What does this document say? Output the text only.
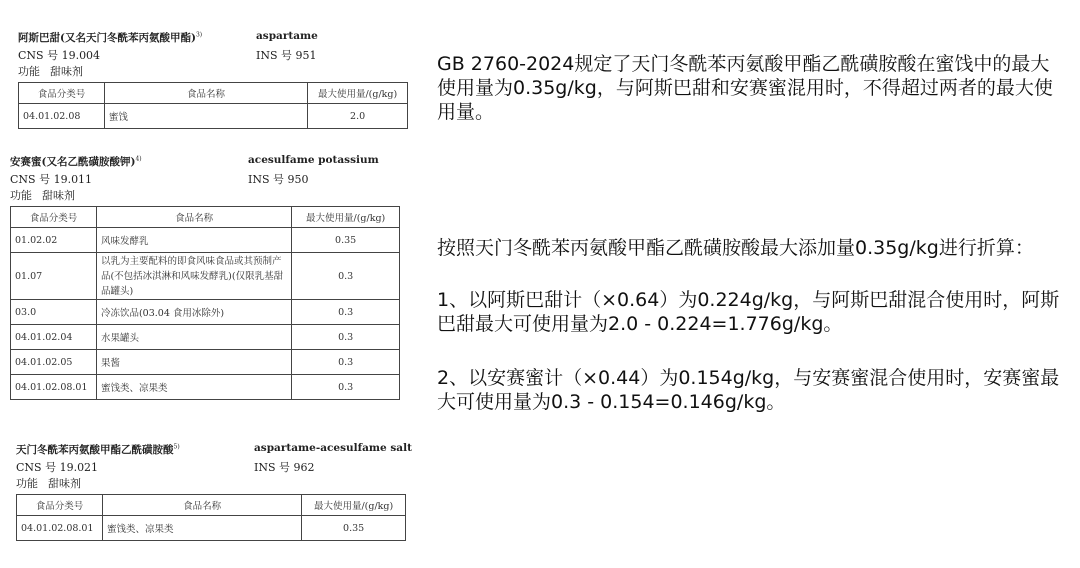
阿斯巴甜(又名天门冬酰苯丙氨酸甲酯)$^{3)}$	aspartame
CNS 号 19.004	INS 号 951
功能 甜味剂
食品分类号	食品名称	最大使用量/(g/kg)
04.01.02.08	蜜饯	2.0
安赛蜜(又名乙酰磺胺酸钾)$^{4)}$	acesulfame potassium
CNS 号 19.011	INS 号 950
功能 甜味剂
食品分类号	食品名称	最大使用量/(g/kg)
01.02.02	风味发酵乳	0.35
01.07	以乳为主要配料的即食风味食品或其预制产品(不包括冰淇淋和风味发酵乳)(仅限乳基甜品罐头)	0.3
03.0	冷冻饮品(03.04 食用冰除外)	0.3
04.01.02.04	水果罐头	0.3
04.01.02.05	果酱	0.3
04.01.02.08.01	蜜饯类、凉果类	0.3
天门冬酰苯丙氨酸甲酯乙酰磺胺酸$^{5)}$	aspartame-acesulfame salt
CNS 号 19.021	INS 号 962
功能 甜味剂
食品分类号	食品名称	最大使用量/(g/kg)
04.01.02.08.01	蜜饯类、凉果类	0.35
GB 2760-2024规定了天门冬酰苯丙氨酸甲酯乙酰磺胺酸在蜜饯中的最大使用量为0.35g/kg，与阿斯巴甜和安赛蜜混用时，不得超过两者的最大使用量。
按照天门冬酰苯丙氨酸甲酯乙酰磺胺酸最大添加量0.35g/kg进行折算：
1、以阿斯巴甜计（×0.64）为0.224g/kg，与阿斯巴甜混合使用时，阿斯巴甜最大可使用量为2.0 - 0.224=1.776g/kg。
2、以安赛蜜计（×0.44）为0.154g/kg，与安赛蜜混合使用时，安赛蜜最大可使用量为0.3 - 0.154=0.146g/kg。
